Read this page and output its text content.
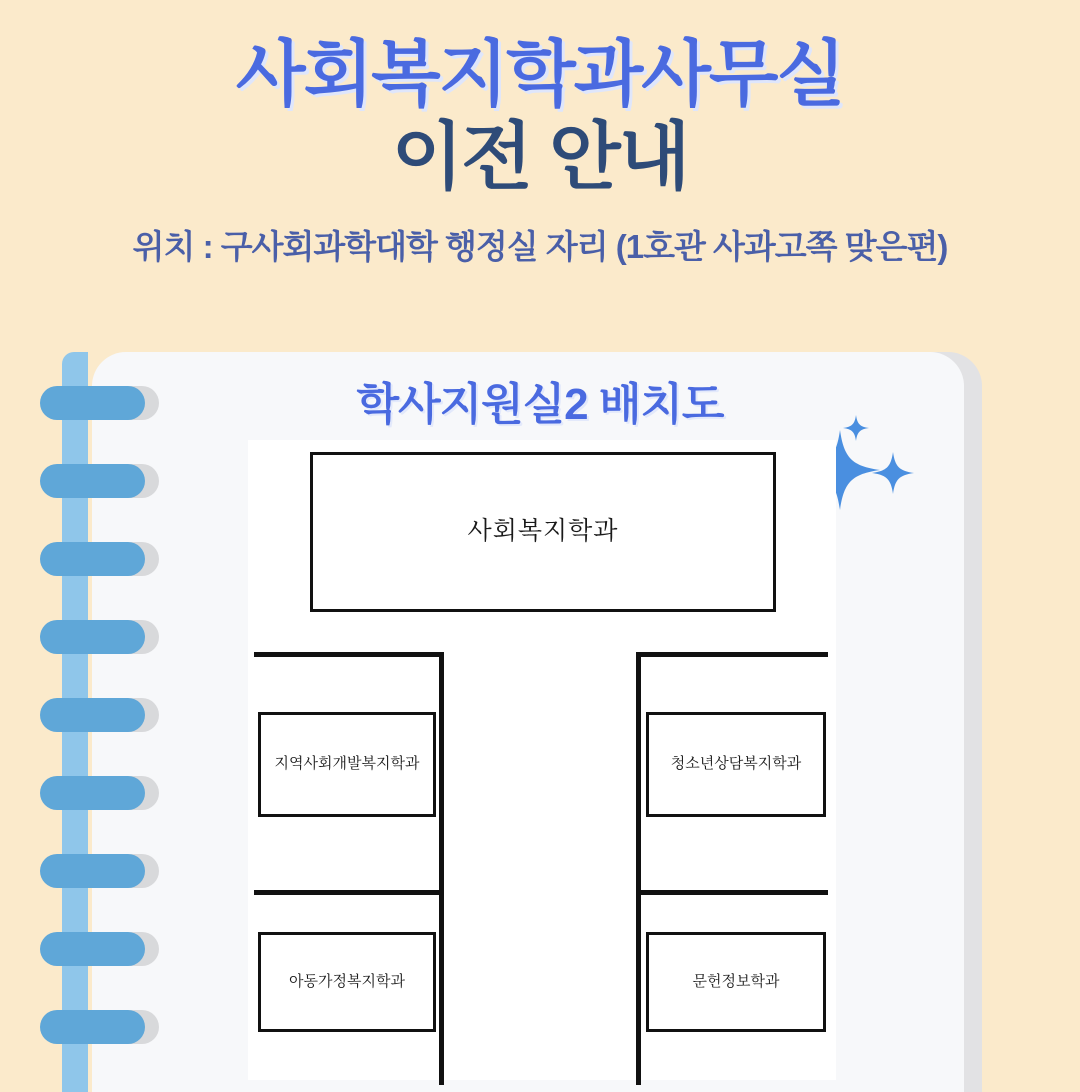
사회복지학과사무실
이전 안내
위치 : 구사회과학대학 행정실 자리 (1호관 사과고쪽 맞은편)
학사지원실2 배치도
사회복지학과
지역사회개발복지학과	청소년상담복지학과
아동가정복지학과	문헌정보학과
